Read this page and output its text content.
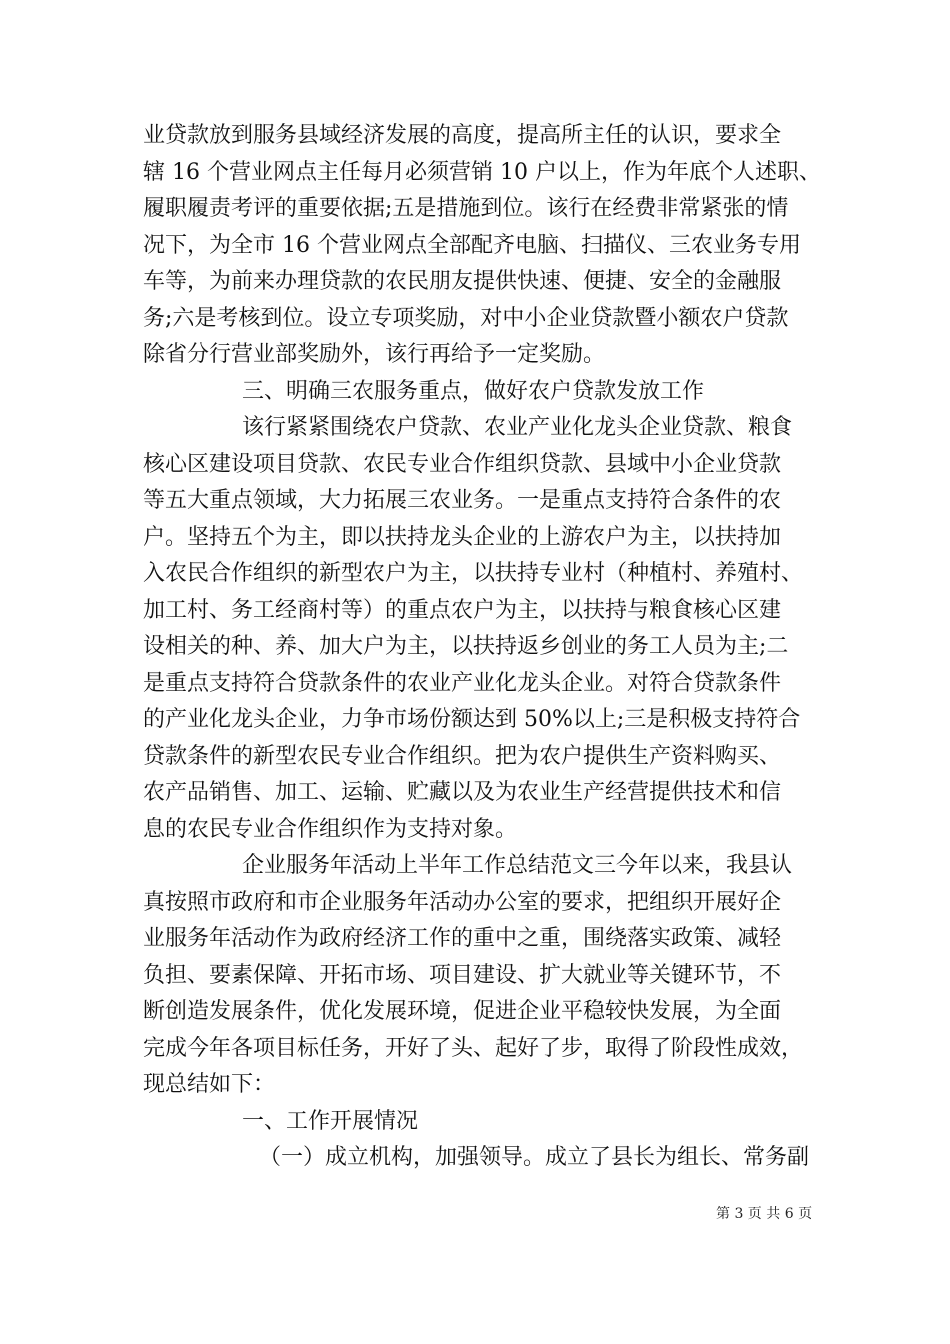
业贷款放到服务县域经济发展的高度，提高所主任的认识，要求全
辖 16 个营业网点主任每月必须营销 10 户以上，作为年底个人述职、
履职履责考评的重要依据;五是措施到位。该行在经费非常紧张的情
况下，为全市 16 个营业网点全部配齐电脑、扫描仪、三农业务专用
车等，为前来办理贷款的农民朋友提供快速、便捷、安全的金融服
务;六是考核到位。设立专项奖励，对中小企业贷款暨小额农户贷款
除省分行营业部奖励外，该行再给予一定奖励。
三、明确三农服务重点，做好农户贷款发放工作
该行紧紧围绕农户贷款、农业产业化龙头企业贷款、粮食
核心区建设项目贷款、农民专业合作组织贷款、县域中小企业贷款
等五大重点领域，大力拓展三农业务。一是重点支持符合条件的农
户。坚持五个为主，即以扶持龙头企业的上游农户为主，以扶持加
入农民合作组织的新型农户为主，以扶持专业村（种植村、养殖村、
加工村、务工经商村等）的重点农户为主，以扶持与粮食核心区建
设相关的种、养、加大户为主，以扶持返乡创业的务工人员为主;二
是重点支持符合贷款条件的农业产业化龙头企业。对符合贷款条件
的产业化龙头企业，力争市场份额达到 50%以上;三是积极支持符合
贷款条件的新型农民专业合作组织。把为农户提供生产资料购买、
农产品销售、加工、运输、贮藏以及为农业生产经营提供技术和信
息的农民专业合作组织作为支持对象。
企业服务年活动上半年工作总结范文三今年以来，我县认
真按照市政府和市企业服务年活动办公室的要求，把组织开展好企
业服务年活动作为政府经济工作的重中之重，围绕落实政策、减轻
负担、要素保障、开拓市场、项目建设、扩大就业等关键环节，不
断创造发展条件，优化发展环境，促进企业平稳较快发展，为全面
完成今年各项目标任务，开好了头、起好了步，取得了阶段性成效，
现总结如下：
一、工作开展情况
（一）成立机构，加强领导。成立了县长为组长、常务副
第 3 页 共 6 页
